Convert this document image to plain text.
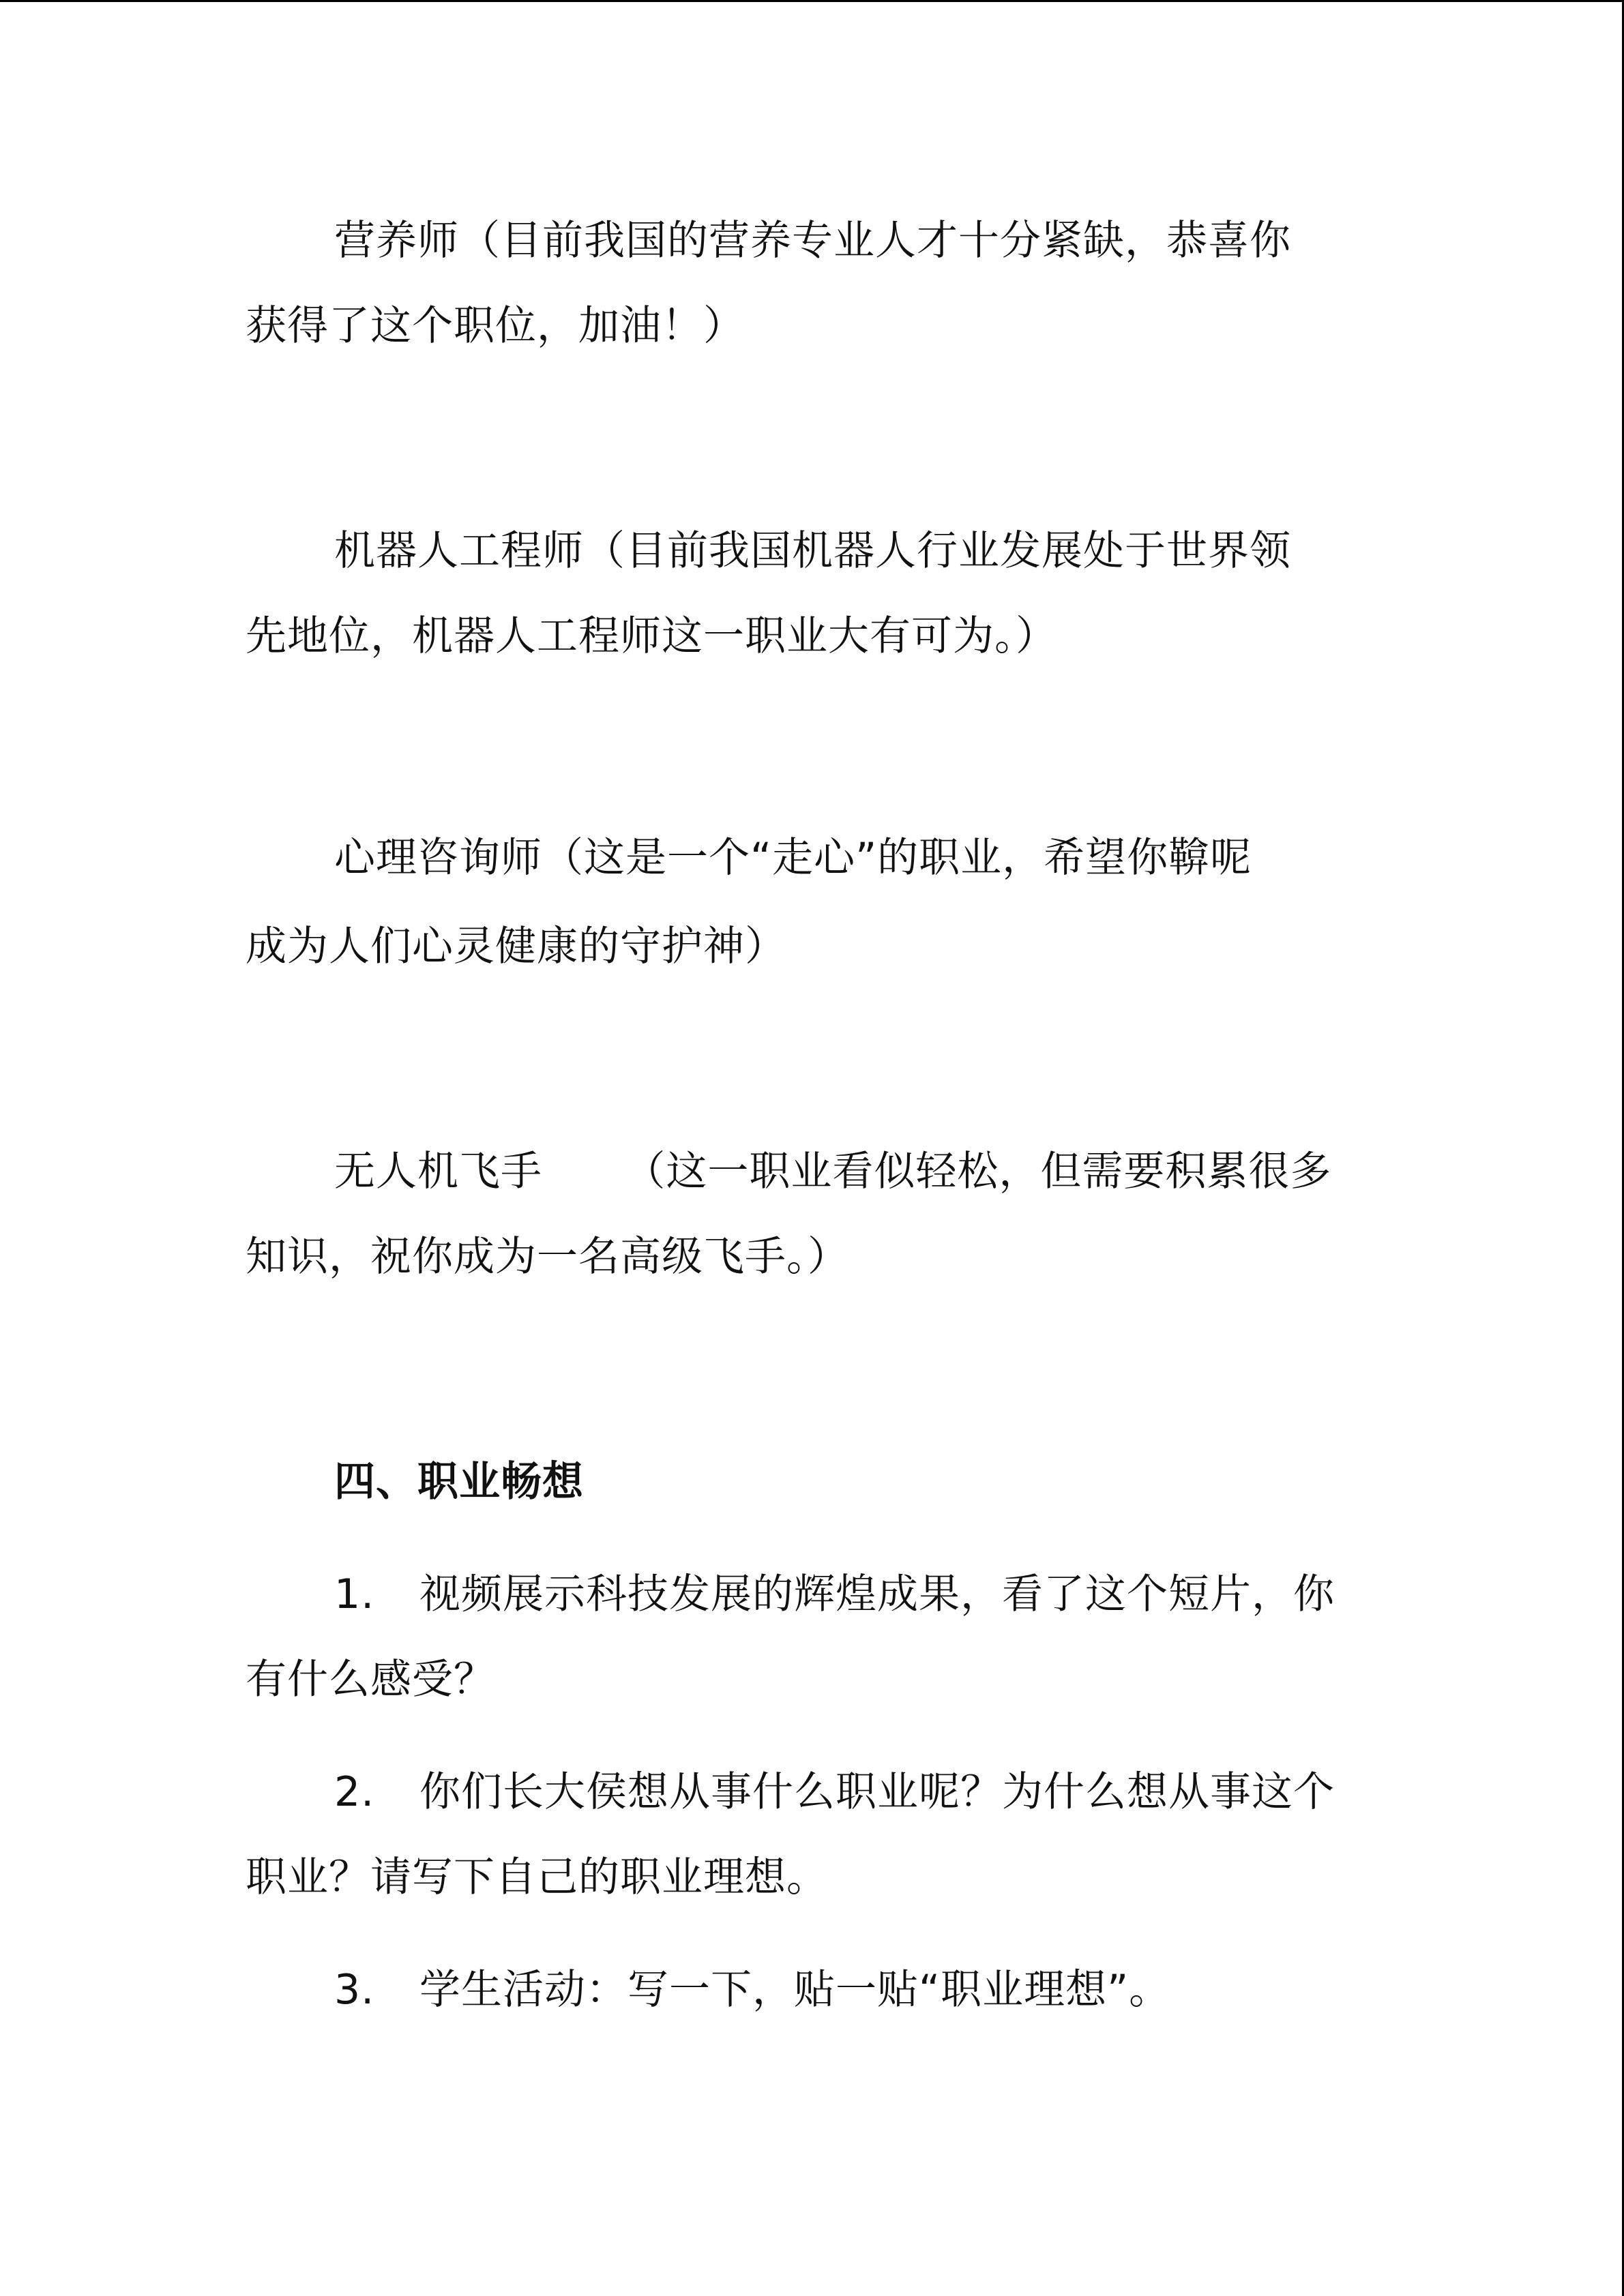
营养师（目前我国的营养专业人才十分紧缺，恭喜你
获得了这个职位，加油！）
机器人工程师（目前我国机器人行业发展处于世界领
先地位，机器人工程师这一职业大有可为。）
心理咨询师（这是一个“走心”的职业，希望你鞥呢
成为人们心灵健康的守护神）
无人机飞手      （这一职业看似轻松，但需要积累很多
知识，祝你成为一名高级飞手。）
四、职业畅想
1. 视频展示科技发展的辉煌成果，看了这个短片，你
有什么感受？
2. 你们长大侯想从事什么职业呢？为什么想从事这个
职业？请写下自己的职业理想。
3. 学生活动：写一下，贴一贴“职业理想”。
